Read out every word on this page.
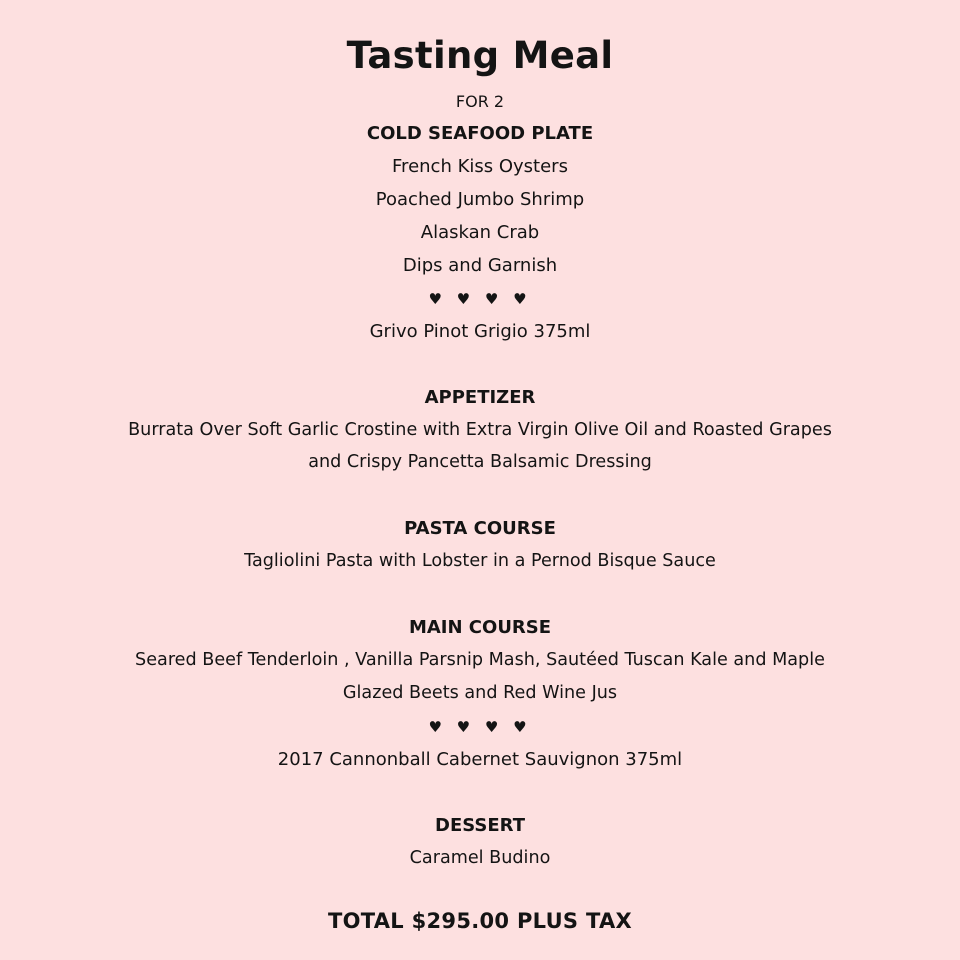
Tasting Meal
FOR 2
COLD SEAFOOD PLATE
French Kiss Oysters
Poached Jumbo Shrimp
Alaskan Crab
Dips and Garnish
♥ ♥ ♥ ♥
Grivo Pinot Grigio 375ml
APPETIZER
Burrata Over Soft Garlic Crostine with Extra Virgin Olive Oil and Roasted Grapes
and Crispy Pancetta Balsamic Dressing
PASTA COURSE
Tagliolini Pasta with Lobster in a Pernod Bisque Sauce
MAIN COURSE
Seared Beef Tenderloin , Vanilla Parsnip Mash, Sautéed Tuscan Kale and Maple
Glazed Beets and Red Wine Jus
♥ ♥ ♥ ♥
2017 Cannonball Cabernet Sauvignon 375ml
DESSERT
Caramel Budino
TOTAL $295.00 PLUS TAX
